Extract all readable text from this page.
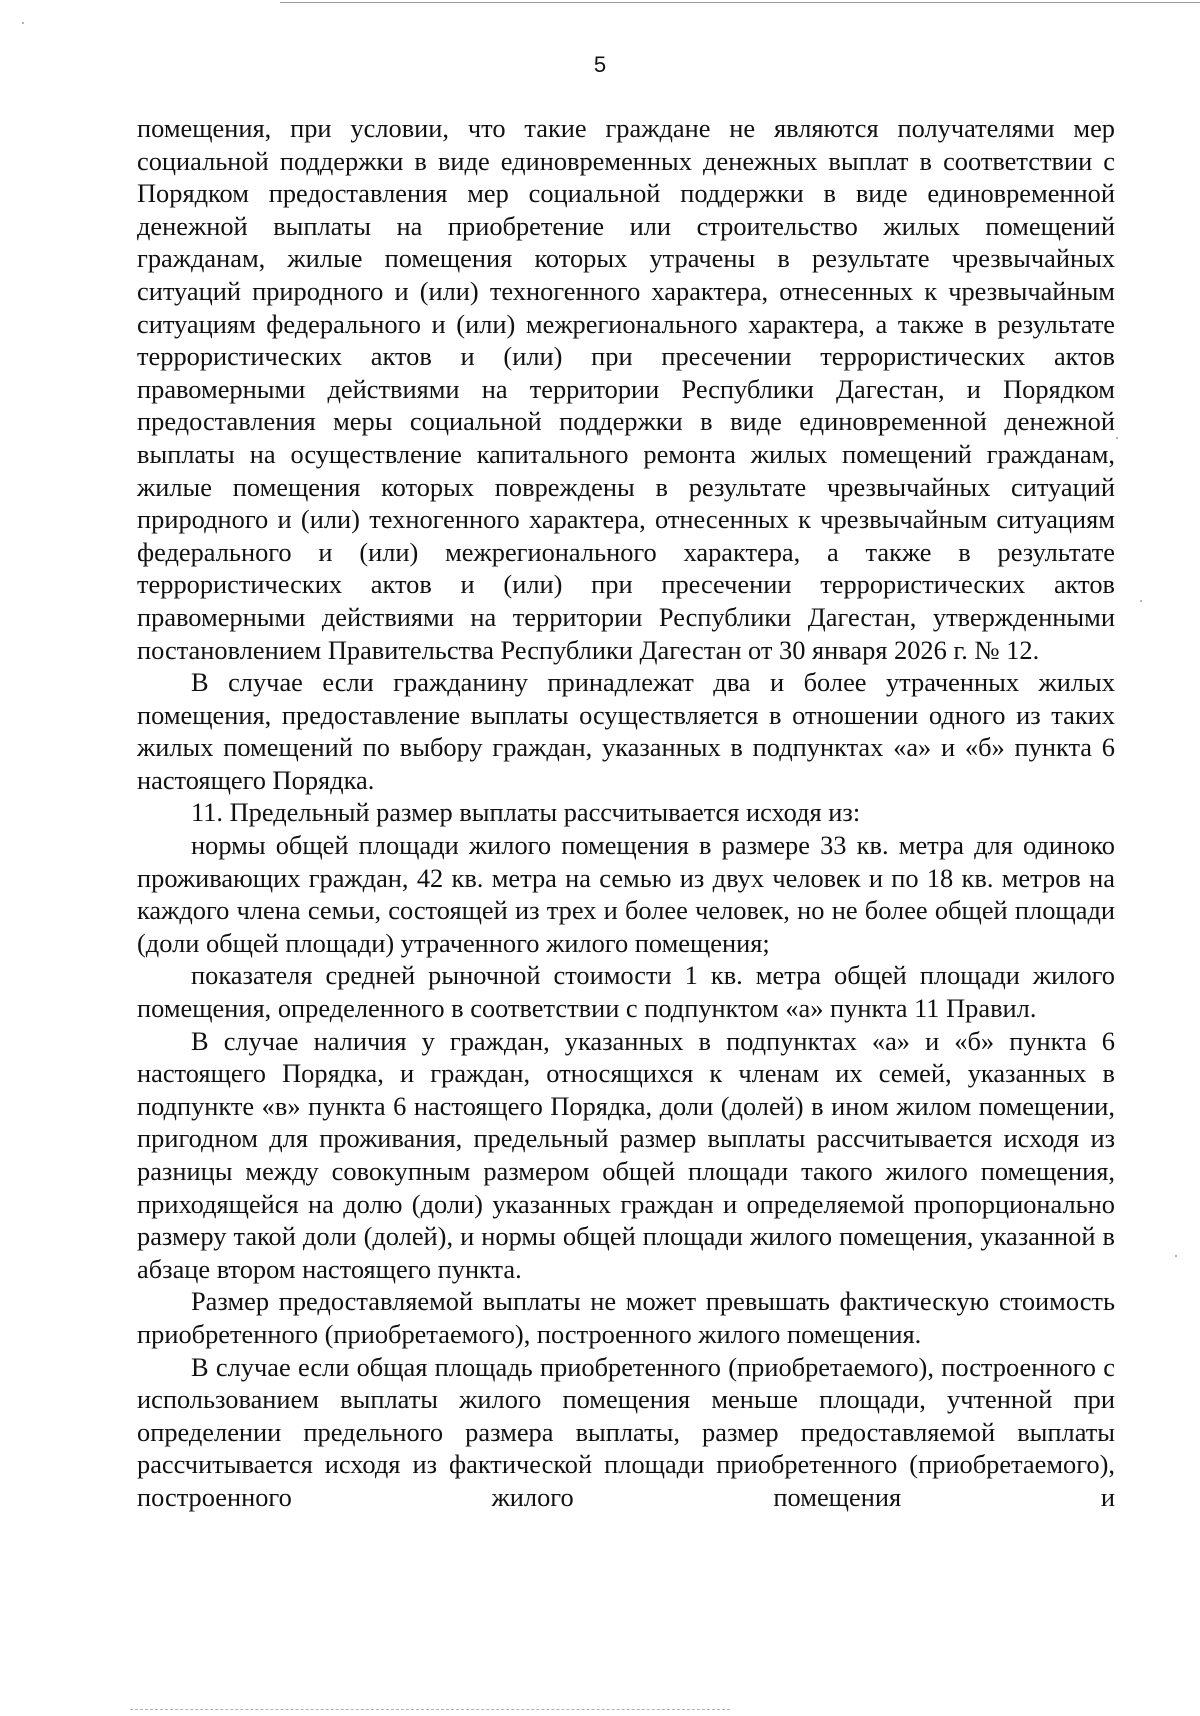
5

помещения, при условии, что такие граждане не являются получателями мер социальной поддержки в виде единовременных денежных выплат в соответствии с Порядком предоставления мер социальной поддержки в виде единовременной денежной выплаты на приобретение или строительство жилых помещений гражданам, жилые помещения которых утрачены в результате чрезвычайных ситуаций природного и (или) техногенного характера, отнесенных к чрезвычайным ситуациям федерального и (или) межрегионального характера, а также в результате террористических актов и (или) при пресечении террористических актов правомерными действиями на территории Республики Дагестан, и Порядком предоставления меры социальной поддержки в виде единовременной денежной выплаты на осуществление капитального ремонта жилых помещений гражданам, жилые помещения которых повреждены в результате чрезвычайных ситуаций природного и (или) техногенного характера, отнесенных к чрезвычайным ситуациям федерального и (или) межрегионального характера, а также в результате террористических актов и (или) при пресечении террористических актов правомерными действиями на территории Республики Дагестан, утвержденными постановлением Правительства Республики Дагестан от 30 января 2026 г. № 12.

В случае если гражданину принадлежат два и более утраченных жилых помещения, предоставление выплаты осуществляется в отношении одного из таких жилых помещений по выбору граждан, указанных в подпунктах «а» и «б» пункта 6 настоящего Порядка.

11. Предельный размер выплаты рассчитывается исходя из:

нормы общей площади жилого помещения в размере 33 кв. метра для одиноко проживающих граждан, 42 кв. метра на семью из двух человек и по 18 кв. метров на каждого члена семьи, состоящей из трех и более человек, но не более общей площади (доли общей площади) утраченного жилого помещения;

показателя средней рыночной стоимости 1 кв. метра общей площади жилого помещения, определенного в соответствии с подпунктом «а» пункта 11 Правил.

В случае наличия у граждан, указанных в подпунктах «а» и «б» пункта 6 настоящего Порядка, и граждан, относящихся к членам их семей, указанных в подпункте «в» пункта 6 настоящего Порядка, доли (долей) в ином жилом помещении, пригодном для проживания, предельный размер выплаты рассчитывается исходя из разницы между совокупным размером общей площади такого жилого помещения, приходящейся на долю (доли) указанных граждан и определяемой пропорционально размеру такой доли (долей), и нормы общей площади жилого помещения, указанной в абзаце втором настоящего пункта.

Размер предоставляемой выплаты не может превышать фактическую стоимость приобретенного (приобретаемого), построенного жилого помещения.

В случае если общая площадь приобретенного (приобретаемого), построенного с использованием выплаты жилого помещения меньше площади, учтенной при определении предельного размера выплаты, размер предоставляемой выплаты рассчитывается исходя из фактической площади приобретенного (приобретаемого), построенного жилого помещения и
